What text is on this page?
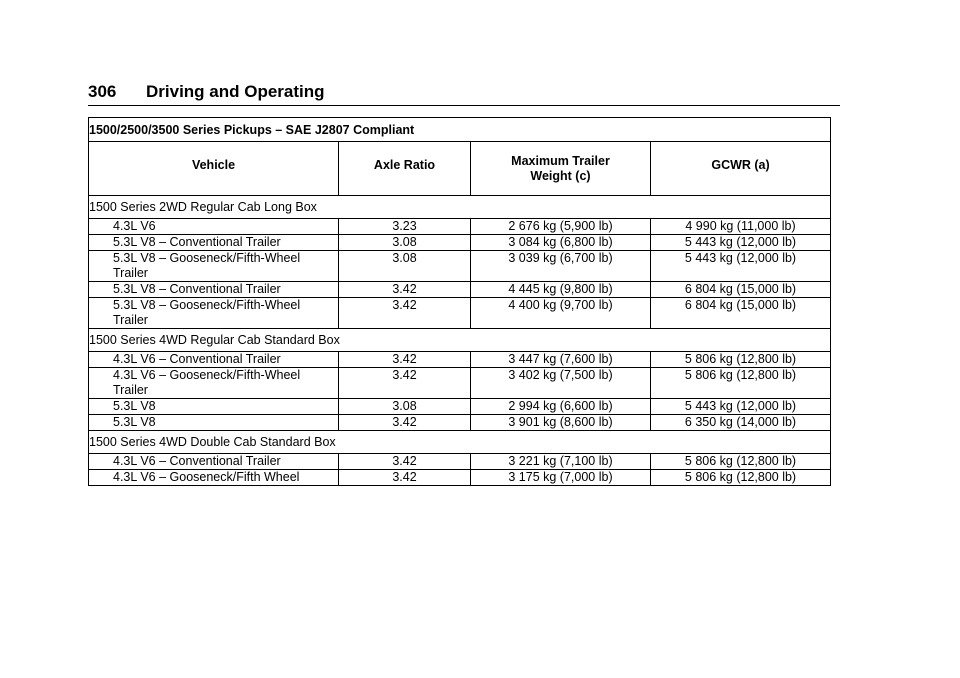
306 Driving and Operating
1500/2500/3500 Series Pickups – SAE J2807 Compliant			
Vehicle	Axle Ratio	Maximum Trailer Weight (c)	GCWR (a)
1500 Series 2WD Regular Cab Long Box			
4.3L V6	3.23	2 676 kg (5,900 lb)	4 990 kg (11,000 lb)
5.3L V8 – Conventional Trailer	3.08	3 084 kg (6,800 lb)	5 443 kg (12,000 lb)
5.3L V8 – Gooseneck/Fifth-Wheel Trailer	3.08	3 039 kg (6,700 lb)	5 443 kg (12,000 lb)
5.3L V8 – Conventional Trailer	3.42	4 445 kg (9,800 lb)	6 804 kg (15,000 lb)
5.3L V8 – Gooseneck/Fifth-Wheel Trailer	3.42	4 400 kg (9,700 lb)	6 804 kg (15,000 lb)
1500 Series 4WD Regular Cab Standard Box			
4.3L V6 – Conventional Trailer	3.42	3 447 kg (7,600 lb)	5 806 kg (12,800 lb)
4.3L V6 – Gooseneck/Fifth-Wheel Trailer	3.42	3 402 kg (7,500 lb)	5 806 kg (12,800 lb)
5.3L V8	3.08	2 994 kg (6,600 lb)	5 443 kg (12,000 lb)
5.3L V8	3.42	3 901 kg (8,600 lb)	6 350 kg (14,000 lb)
1500 Series 4WD Double Cab Standard Box			
4.3L V6 – Conventional Trailer	3.42	3 221 kg (7,100 lb)	5 806 kg (12,800 lb)
4.3L V6 – Gooseneck/Fifth Wheel	3.42	3 175 kg (7,000 lb)	5 806 kg (12,800 lb)
